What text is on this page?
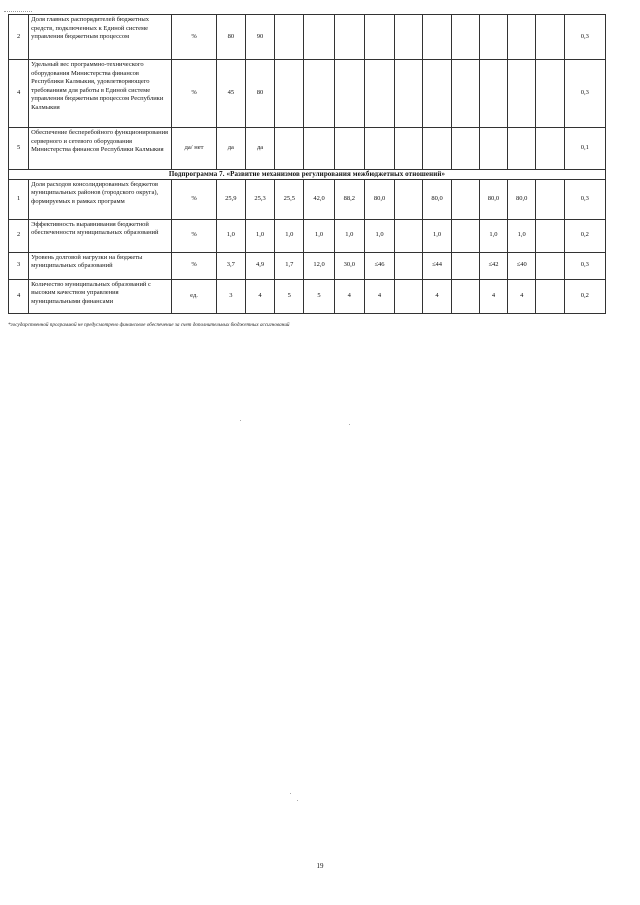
2	Доля главных распорядителей бюджетных средств, подключенных к Единой системе управления бюджетным процессом	%	80	90											0,3
4	Удельный вес программно-технического оборудования Министерства финансов Республики Калмыкия, удовлетворяющего требованиям для работы в Единой системе управления бюджетным процессом Республики Калмыкия	%	45	80											0,3
5	Обеспечение бесперебойного функционирования серверного и сетевого оборудования Министерства финансов Республики Калмыкия	да/ нет	да	да											0,1
Подпрограмма 7. «Развитие механизмов регулирования межбюджетных отношений»															
1	Доля расходов консолидированных бюджетов муниципальных районов (городского округа), формируемых в рамках программ	%	25,9	25,3	25,5	42,0	88,2	80,0		80,0		80,0	80,0		0,3
2	Эффективность выравнивания бюджетной обеспеченности муниципальных образований	%	1,0	1,0	1,0	1,0	1,0	1,0		1,0		1,0	1,0		0,2
3	Уровень долговой нагрузки на бюджеты муниципальных образований	%	3,7	4,9	1,7	12,0	30,0	≤46		≤44		≤42	≤40		0,3
4	Количество муниципальных образований с высоким качеством управления муниципальными финансами	ед.	3	4	5	5	4	4		4		4	4		0,2
*государственной программой не предусмотрено финансовое обеспечение за счет дополнительных бюджетных ассигнований
19
